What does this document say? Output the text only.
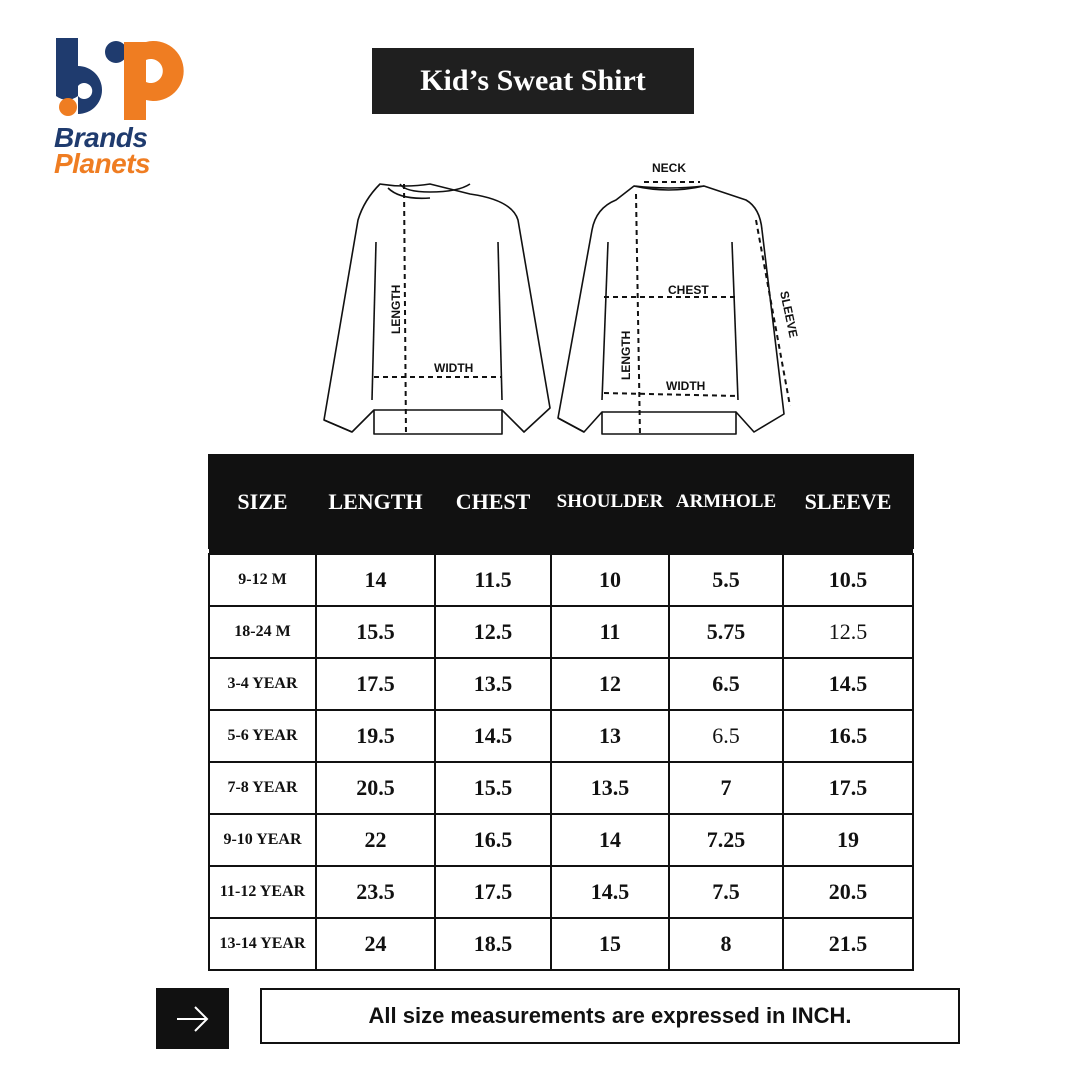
Brands
Planets
Kid’s Sweat Shirt
LENGTH
WIDTH
NECK
CHEST
LENGTH
WIDTH
SLEEVE
SIZE	LENGTH	CHEST	SHOULDER	ARMHOLE	SLEEVE

9-12 M	14	11.5	10	5.5	10.5
18-24 M	15.5	12.5	11	5.75	12.5
3-4 YEAR	17.5	13.5	12	6.5	14.5
5-6 YEAR	19.5	14.5	13	6.5	16.5
7-8 YEAR	20.5	15.5	13.5	7	17.5
9-10 YEAR	22	16.5	14	7.25	19
11-12 YEAR	23.5	17.5	14.5	7.5	20.5
13-14 YEAR	24	18.5	15	8	21.5
All size measurements are expressed in INCH.
